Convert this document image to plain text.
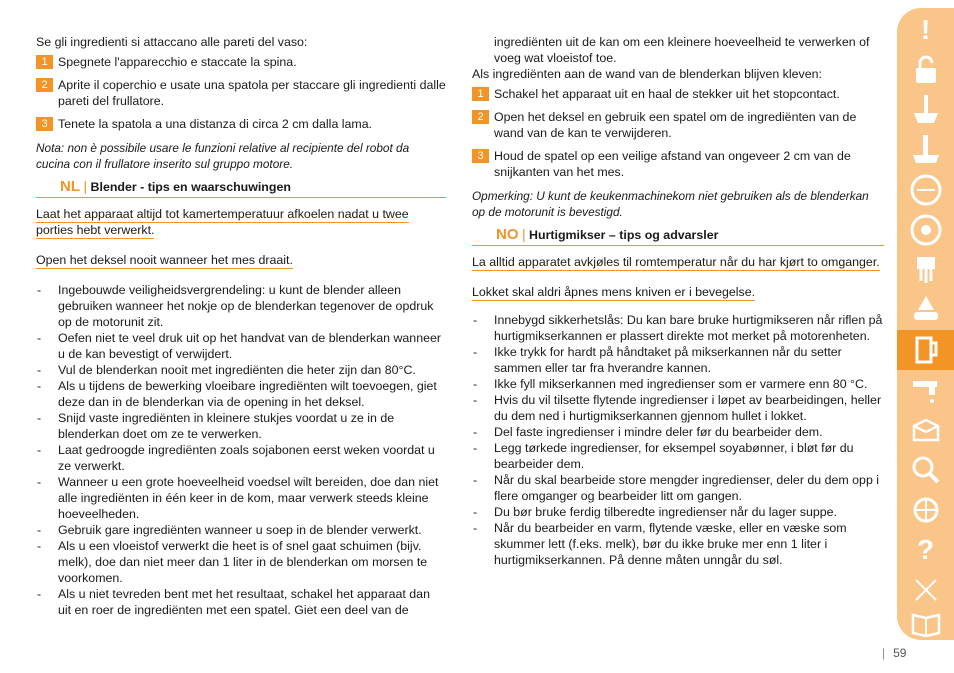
Se gli ingredienti si attaccano alle pareti del vaso:

1 Spegnete l'apparecchio e staccate la spina.

2 Aprite il coperchio e usate una spatola per staccare gli ingredienti dalle pareti del frullatore.

3 Tenete la spatola a una distanza di circa 2 cm dalla lama.

Nota: non è possibile usare le funzioni relative al recipiente del robot da cucina con il frullatore inserito sul gruppo motore.

NL | Blender - tips en waarschuwingen

Laat het apparaat altijd tot kamertemperatuur afkoelen nadat u twee porties hebt verwerkt.

Open het deksel nooit wanneer het mes draait.

- Ingebouwde veiligheidsvergrendeling: u kunt de blender alleen gebruiken wanneer het nokje op de blenderkan tegenover de opdruk op de motorunit zit.
- Oefen niet te veel druk uit op het handvat van de blenderkan wanneer u de kan bevestigt of verwijdert.
- Vul de blenderkan nooit met ingrediënten die heter zijn dan 80°C.
- Als u tijdens de bewerking vloeibare ingrediënten wilt toevoegen, giet deze dan in de blenderkan via de opening in het deksel.
- Snijd vaste ingrediënten in kleinere stukjes voordat u ze in de blenderkan doet om ze te verwerken.
- Laat gedroogde ingrediënten zoals sojabonen eerst weken voordat u ze verwerkt.
- Wanneer u een grote hoeveelheid voedsel wilt bereiden, doe dan niet alle ingrediënten in één keer in de kom, maar verwerk steeds kleine hoeveelheden.
- Gebruik gare ingrediënten wanneer u soep in de blender verwerkt.
- Als u een vloeistof verwerkt die heet is of snel gaat schuimen (bijv. melk), doe dan niet meer dan 1 liter in de blenderkan om morsen te voorkomen.
- Als u niet tevreden bent met het resultaat, schakel het apparaat dan uit en roer de ingrediënten met een spatel. Giet een deel van de

ingrediënten uit de kan om een kleinere hoeveelheid te verwerken of voeg wat vloeistof toe.

Als ingrediënten aan de wand van de blenderkan blijven kleven:

1 Schakel het apparaat uit en haal de stekker uit het stopcontact.

2 Open het deksel en gebruik een spatel om de ingrediënten van de wand van de kan te verwijderen.

3 Houd de spatel op een veilige afstand van ongeveer 2 cm van de snijkanten van het mes.

Opmerking: U kunt de keukenmachinekom niet gebruiken als de blenderkan op de motorunit is bevestigd.

NO | Hurtigmikser – tips og advarsler

La alltid apparatet avkjøles til romtemperatur når du har kjørt to omganger.

Lokket skal aldri åpnes mens kniven er i bevegelse.

- Innebygd sikkerhetslås: Du kan bare bruke hurtigmikseren når riflen på hurtigmikserkannen er plassert direkte mot merket på motorenheten.
- Ikke trykk for hardt på håndtaket på mikserkannen når du setter sammen eller tar fra hverandre kannen.
- Ikke fyll mikserkannen med ingredienser som er varmere enn 80 °C.
- Hvis du vil tilsette flytende ingredienser i løpet av bearbeidingen, heller du dem ned i hurtigmikserkannen gjennom hullet i lokket.
- Del faste ingredienser i mindre deler før du bearbeider dem.
- Legg tørkede ingredienser, for eksempel soyabønner, i bløt før du bearbeider dem.
- Når du skal bearbeide store mengder ingredienser, deler du dem opp i flere omganger og bearbeider litt om gangen.
- Du bør bruke ferdig tilberedte ingredienser når du lager suppe.
- Når du bearbeider en varm, flytende væske, eller en væske som skummer lett (f.eks. melk), bør du ikke bruke mer enn 1 liter i hurtigmikserkannen. På denne måten unngår du søl.
!
?
| 59
